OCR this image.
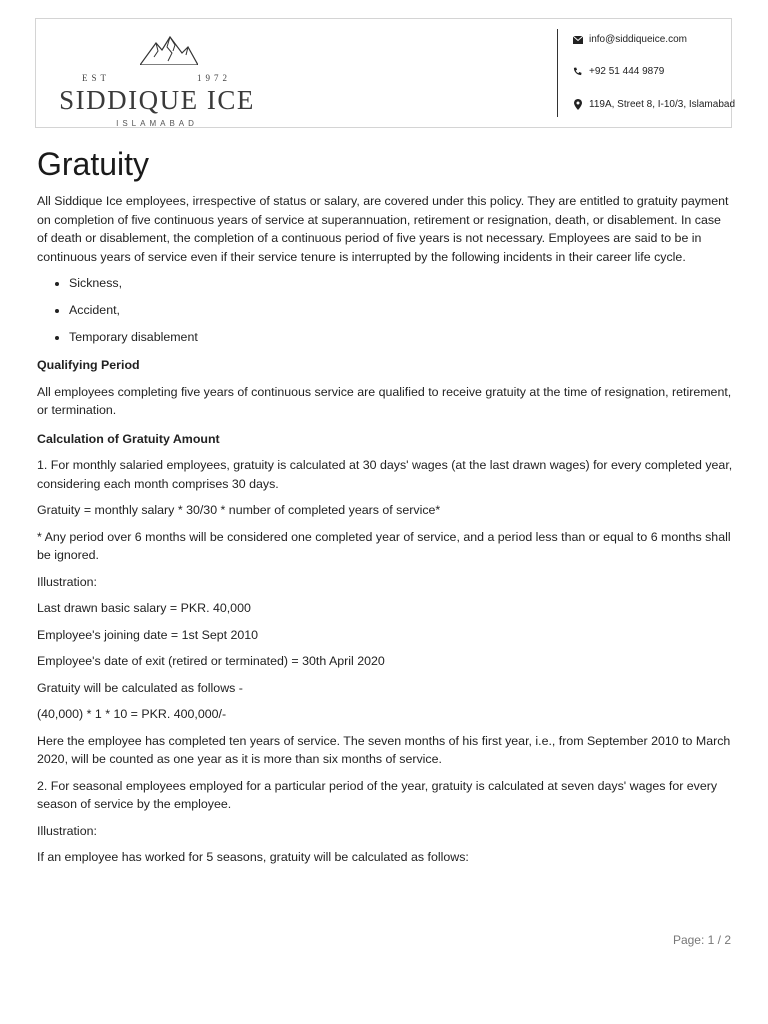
EST	1972
SIDDIQUE ICE
ISLAMABAD
info@siddiqueice.com
+92 51 444 9879
119A, Street 8, I-10/3, Islamabad
Gratuity

All Siddique Ice employees, irrespective of status or salary, are covered under this policy. They are entitled to gratuity payment on completion of five continuous years of service at superannuation, retirement or resignation, death, or disablement. In case of death or disablement, the completion of a continuous period of five years is not necessary. Employees are said to be in continuous years of service even if their service tenure is interrupted by the following incidents in their career life cycle.

• Sickness,
• Accident,
• Temporary disablement

Qualifying Period

All employees completing five years of continuous service are qualified to receive gratuity at the time of resignation, retirement, or termination.

Calculation of Gratuity Amount

1. For monthly salaried employees, gratuity is calculated at 30 days' wages (at the last drawn wages) for every completed year, considering each month comprises 30 days.

Gratuity = monthly salary * 30/30 * number of completed years of service*

* Any period over 6 months will be considered one completed year of service, and a period less than or equal to 6 months shall be ignored.

Illustration:

Last drawn basic salary = PKR. 40,000

Employee's joining date = 1st Sept 2010

Employee's date of exit (retired or terminated) = 30th April 2020

Gratuity will be calculated as follows -

(40,000) * 1 * 10 = PKR. 400,000/-

Here the employee has completed ten years of service. The seven months of his first year, i.e., from September 2010 to March 2020, will be counted as one year as it is more than six months of service.

2. For seasonal employees employed for a particular period of the year, gratuity is calculated at seven days' wages for every season of service by the employee.

Illustration:

If an employee has worked for 5 seasons, gratuity will be calculated as follows:

Page: 1 / 2
